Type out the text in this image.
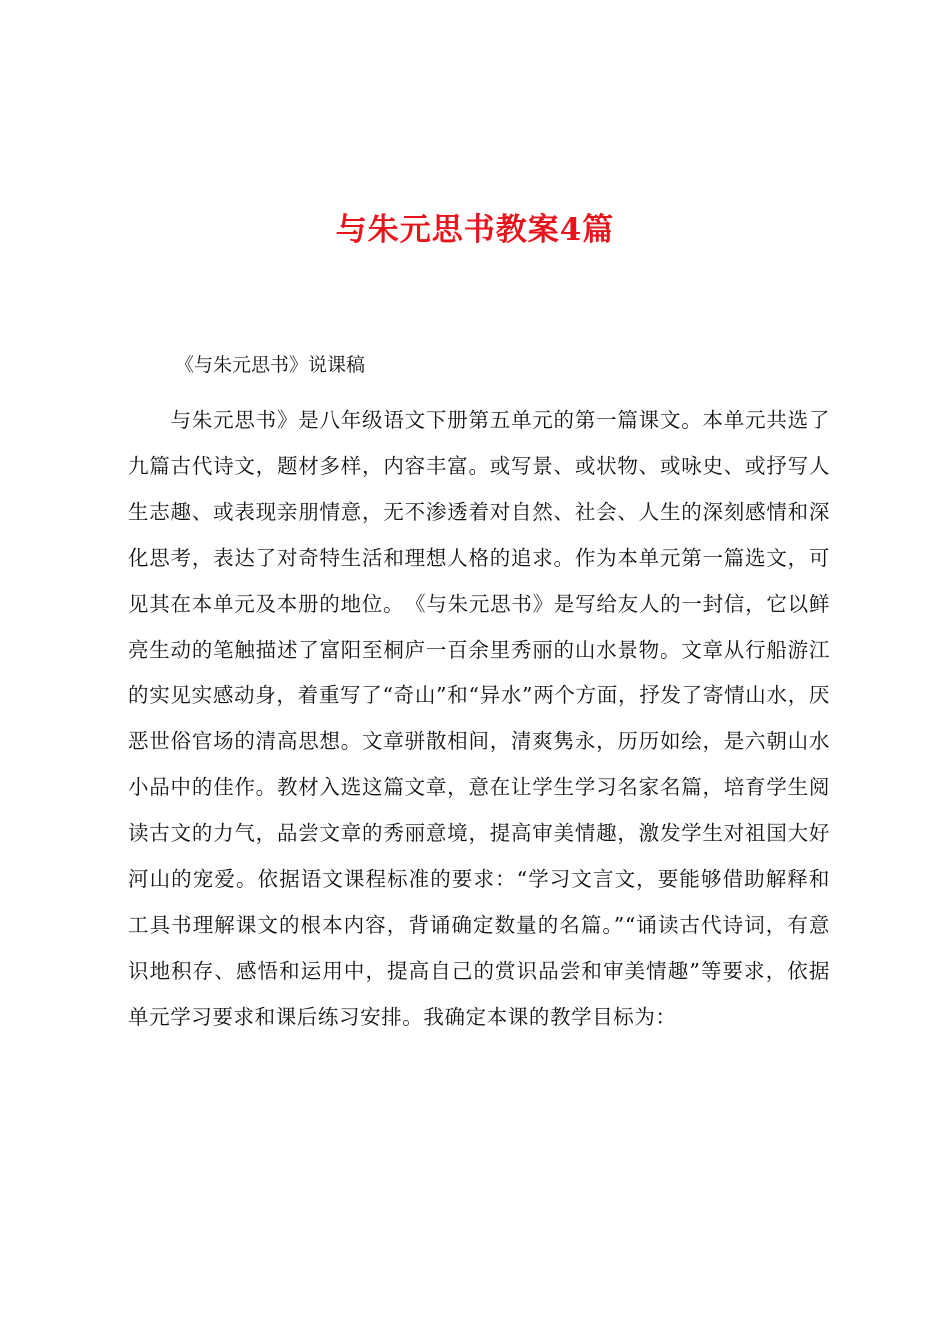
与朱元思书教案4篇

《与朱元思书》说课稿

　　与朱元思书》是八年级语文下册第五单元的第一篇课文。本单元共选了九篇古代诗文，题材多样，内容丰富。或写景、或状物、或咏史、或抒写人生志趣、或表现亲朋情意，无不渗透着对自然、社会、人生的深刻感情和深化思考，表达了对奇特生活和理想人格的追求。作为本单元第一篇选文，可见其在本单元及本册的地位。　《与朱元思书》是写给友人的一封信，它以鲜亮生动的笔触描述了富阳至桐庐一百余里秀丽的山水景物。文章从行船游江的实见实感动身，着重写了“奇山”和“异水”两个方面，抒发了寄情山水，厌恶世俗官场的清高思想。文章骈散相间，清爽隽永，历历如绘，是六朝山水小品中的佳作。教材入选这篇文章，意在让学生学习名家名篇，培育学生阅读古文的力气，品尝文章的秀丽意境，提高审美情趣，激发学生对祖国大好河山的宠爱。依据语文课程标准的要求：“学习文言文，要能够借助解释和工具书理解课文的根本内容，背诵确定数量的名篇。”“诵读古代诗词，有意识地积存、感悟和运用中，提高自己的赏识品尝和审美情趣”等要求，依据单元学习要求和课后练习安排。我确定本课的教学目标为：
